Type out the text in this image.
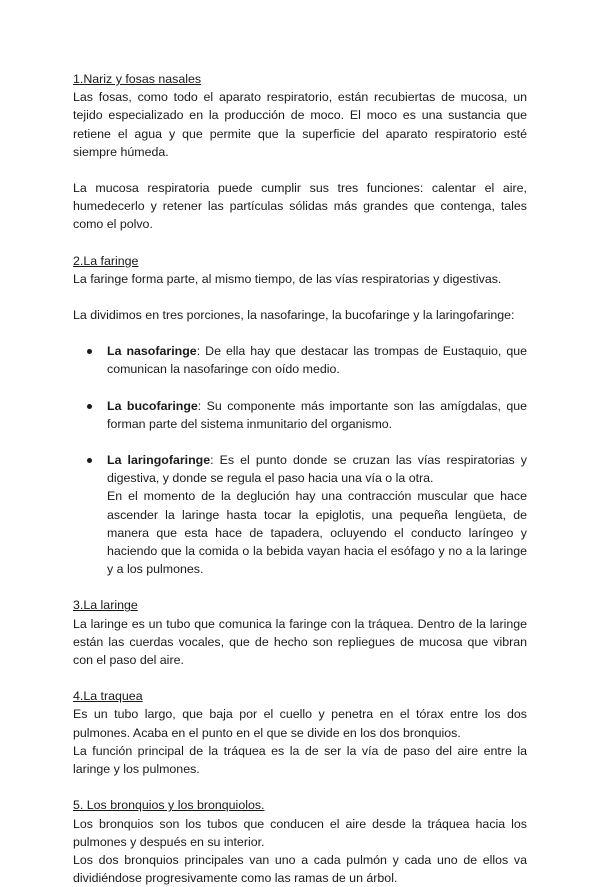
1.Nariz y fosas nasales

Las fosas, como todo el aparato respiratorio, están recubiertas de mucosa, un tejido especializado en la producción de moco. El moco es una sustancia que retiene el agua y que permite que la superficie del aparato respiratorio esté siempre húmeda.

La mucosa respiratoria puede cumplir sus tres funciones: calentar el aire, humedecerlo y retener las partículas sólidas más grandes que contenga, tales como el polvo.

2.La faringe

La faringe forma parte, al mismo tiempo, de las vías respiratorias y digestivas.

La dividimos en tres porciones, la nasofaringe, la bucofaringe y la laringofaringe:

La nasofaringe: De ella hay que destacar las trompas de Eustaquio, que comunican la nasofaringe con oído medio.
La bucofaringe: Su componente más importante son las amígdalas, que forman parte del sistema inmunitario del organismo.
La laringofaringe: Es el punto donde se cruzan las vías respiratorias y digestiva, y donde se regula el paso hacia una vía o la otra.
En el momento de la deglución hay una contracción muscular que hace ascender la laringe hasta tocar la epiglotis, una pequeña lengüeta, de manera que esta hace de tapadera, ocluyendo el conducto laríngeo y haciendo que la comida o la bebida vayan hacia el esófago y no a la laringe y a los pulmones.

3.La laringe

La laringe es un tubo que comunica la faringe con la tráquea. Dentro de la laringe están las cuerdas vocales, que de hecho son repliegues de mucosa que vibran con el paso del aire.

4.La traquea

Es un tubo largo, que baja por el cuello y penetra en el tórax entre los dos pulmones. Acaba en el punto en el que se divide en los dos bronquios.

La función principal de la tráquea es la de ser la vía de paso del aire entre la laringe y los pulmones.

5. Los bronquios y los bronquiolos.

Los bronquios son los tubos que conducen el aire desde la tráquea hacia los pulmones y después en su interior.

Los dos bronquios principales van uno a cada pulmón y cada uno de ellos va dividiéndose progresivamente como las ramas de un árbol.
